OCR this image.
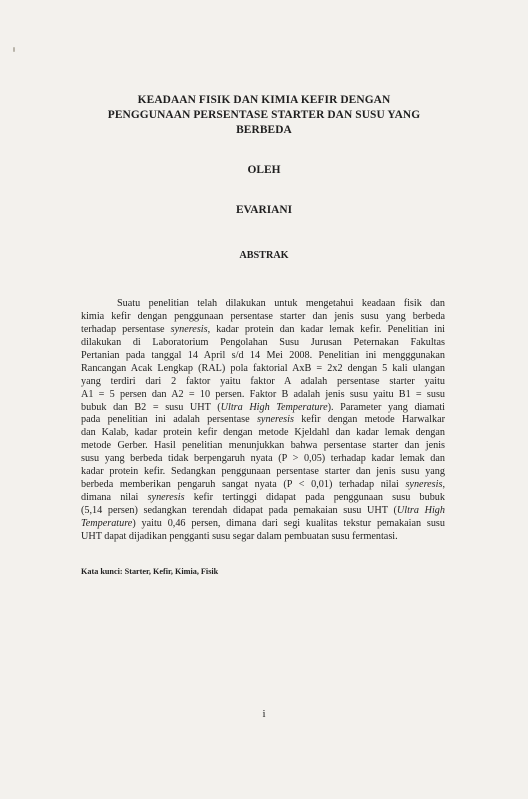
KEADAAN FISIK DAN KIMIA KEFIR DENGAN
PENGGUNAAN PERSENTASE STARTER DAN SUSU YANG
BERBEDA

OLEH

EVARIANI

ABSTRAK

Suatu penelitian telah dilakukan untuk mengetahui keadaan fisik dan
kimia kefir dengan penggunaan persentase starter dan jenis susu yang berbeda
terhadap persentase syneresis, kadar protein dan kadar lemak kefir. Penelitian ini
dilakukan di Laboratorium Pengolahan Susu Jurusan Peternakan Fakultas
Pertanian pada tanggal 14 April s/d 14 Mei 2008. Penelitian ini mengggunakan
Rancangan Acak Lengkap (RAL) pola faktorial AxB = 2x2 dengan 5 kali ulangan
yang terdiri dari 2 faktor yaitu faktor A adalah persentase starter yaitu
A1 = 5 persen dan A2 = 10 persen. Faktor B adalah jenis susu yaitu B1 = susu
bubuk dan B2 = susu UHT (Ultra High Temperature). Parameter yang diamati
pada penelitian ini adalah persentase syneresis kefir dengan metode Harwalkar
dan Kalab, kadar protein kefir dengan metode Kjeldahl dan kadar lemak dengan
metode Gerber. Hasil penelitian menunjukkan bahwa persentase starter dan jenis
susu yang berbeda tidak berpengaruh nyata (P > 0,05) terhadap kadar lemak dan
kadar protein kefir. Sedangkan penggunaan persentase starter dan jenis susu yang
berbeda memberikan pengaruh sangat nyata (P < 0,01) terhadap nilai syneresis,
dimana nilai syneresis kefir tertinggi didapat pada penggunaan susu bubuk
(5,14 persen) sedangkan terendah didapat pada pemakaian susu UHT (Ultra High
Temperature) yaitu 0,46 persen, dimana dari segi kualitas tekstur pemakaian susu
UHT dapat dijadikan pengganti susu segar dalam pembuatan susu fermentasi.

Kata kunci: Starter, Kefir, Kimia, Fisik

i
